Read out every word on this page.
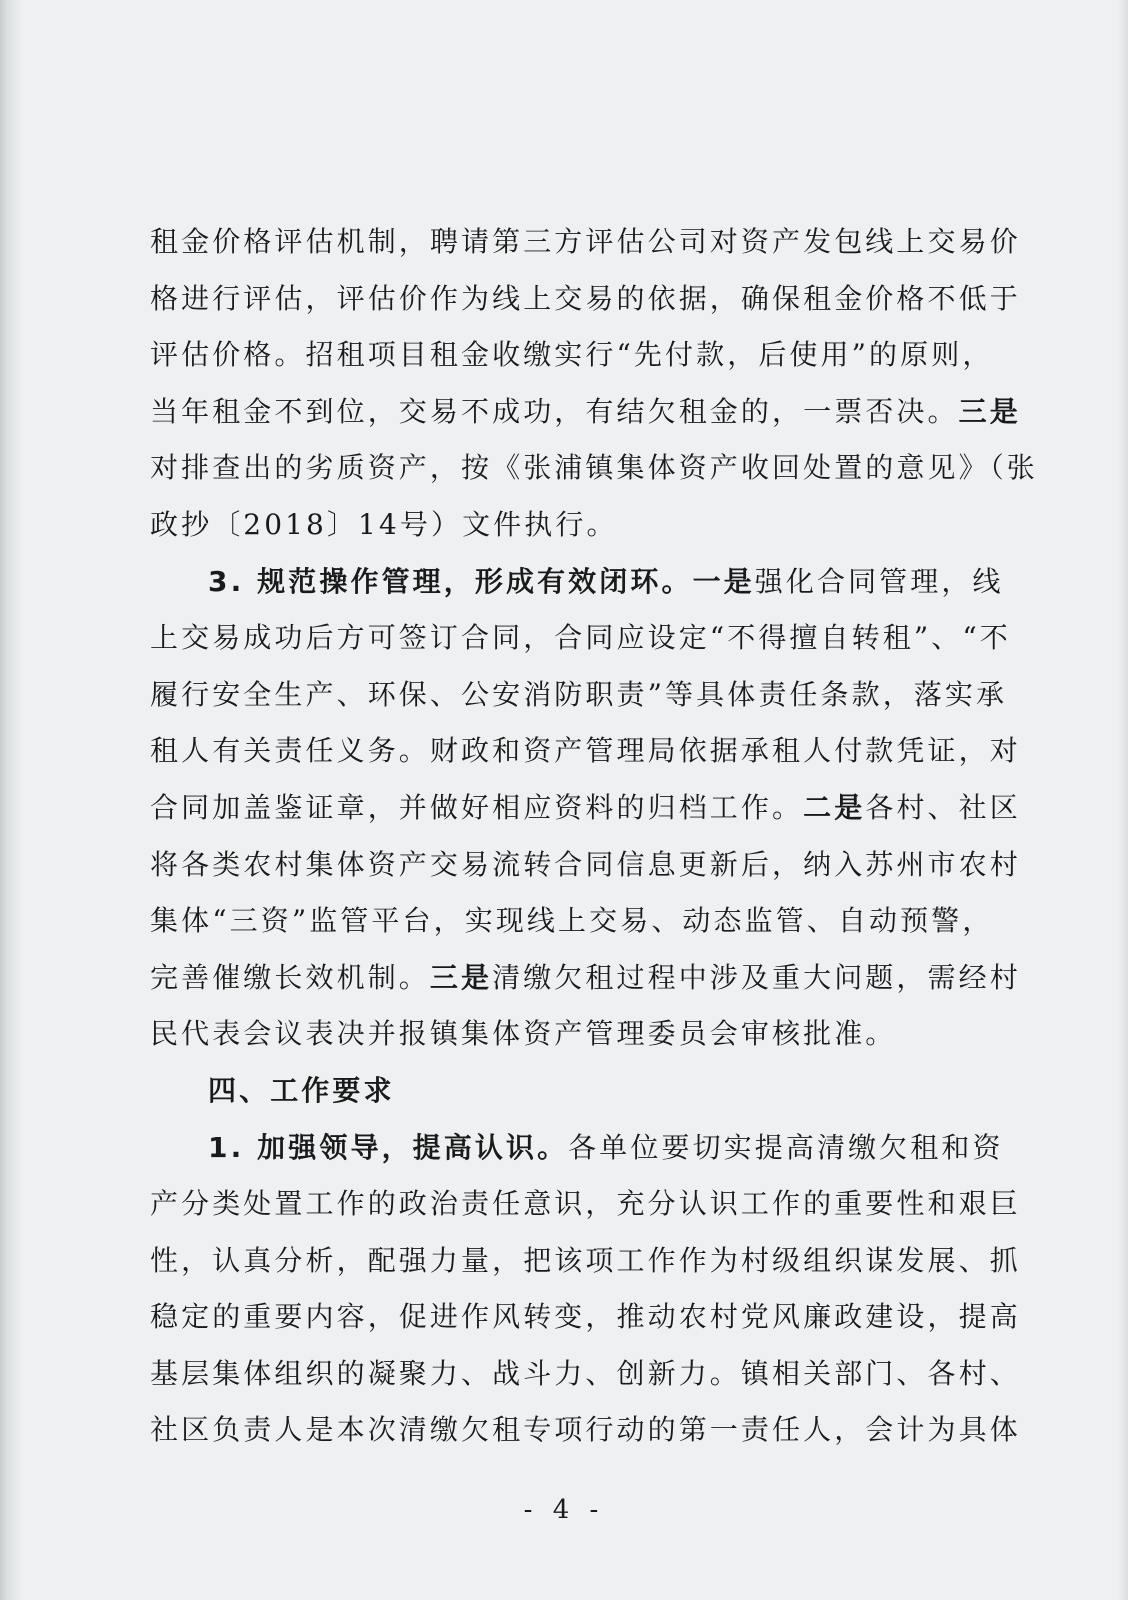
租金价格评估机制，聘请第三方评估公司对资产发包线上交易价
格进行评估，评估价作为线上交易的依据，确保租金价格不低于
评估价格。招租项目租金收缴实行“先付款，后使用”的原则，
当年租金不到位，交易不成功，有结欠租金的，一票否决。三是
对排查出的劣质资产，按《张浦镇集体资产收回处置的意见》（张
政抄〔2018〕14号）文件执行。
3. 规范操作管理，形成有效闭环。一是强化合同管理，线
上交易成功后方可签订合同，合同应设定“不得擅自转租”、“不
履行安全生产、环保、公安消防职责”等具体责任条款，落实承
租人有关责任义务。财政和资产管理局依据承租人付款凭证，对
合同加盖鉴证章，并做好相应资料的归档工作。二是各村、社区
将各类农村集体资产交易流转合同信息更新后，纳入苏州市农村
集体“三资”监管平台，实现线上交易、动态监管、自动预警，
完善催缴长效机制。三是清缴欠租过程中涉及重大问题，需经村
民代表会议表决并报镇集体资产管理委员会审核批准。
四、工作要求
1. 加强领导，提高认识。各单位要切实提高清缴欠租和资
产分类处置工作的政治责任意识，充分认识工作的重要性和艰巨
性，认真分析，配强力量，把该项工作作为村级组织谋发展、抓
稳定的重要内容，促进作风转变，推动农村党风廉政建设，提高
基层集体组织的凝聚力、战斗力、创新力。镇相关部门、各村、
社区负责人是本次清缴欠租专项行动的第一责任人，会计为具体
- 4 -
